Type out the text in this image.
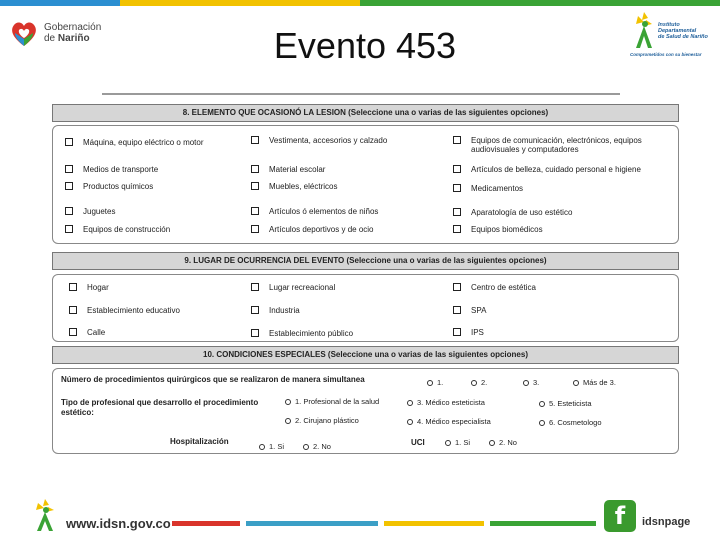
Gobernación
de Nariño	Evento 453	Instituto
Departamental
de Salud de Nariño
Comprometidos con su bienestar
8. ELEMENTO QUE OCASIONÓ LA LESION (Seleccione una o varias de las siguientes opciones)
Máquina, equipo eléctrico o motor	Vestimenta, accesorios y calzado	Equipos de comunicación, electrónicos, equipos audiovisuales y computadores
Medios de transporte	Material escolar	Artículos de belleza, cuidado personal e higiene
Productos químicos	Muebles, eléctricos	Medicamentos
Juguetes	Artículos ó elementos de niños	Aparatología de uso estético
Equipos de construcción	Artículos deportivos y de ocio	Equipos biomédicos
9. LUGAR DE OCURRENCIA DEL EVENTO (Seleccione una o varias de las siguientes opciones)
Hogar	Lugar recreacional	Centro de estética
Establecimiento educativo	Industria	SPA
Calle	Establecimiento público	IPS
10. CONDICIONES ESPECIALES (Seleccione una o varias de las siguientes opciones)
Número de procedimientos quirúrgicos que se realizaron de manera simultanea	1.	2.	3.	Más de 3.
Tipo de profesional que desarrollo el procedimiento
estético:
1. Profesional de la salud	3. Médico esteticista	5. Esteticista
2. Cirujano plástico	4. Médico especialista	6. Cosmetologo
Hospitalización
1. Si	2. No	UCI	1. Si	2. No
www.idsn.gov.co	f	idsnpage
